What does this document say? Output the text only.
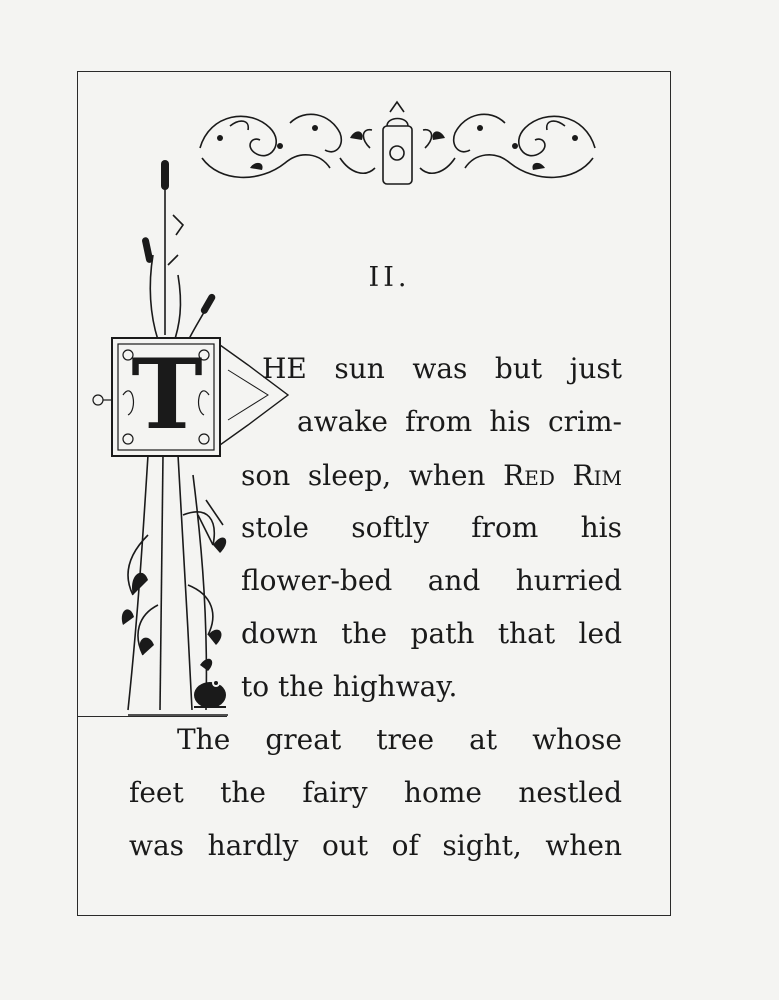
II.
T	HE sun was but just
awake from his crim-
son sleep, when RED RIM
stole softly from his
flower-bed and hurried
down the path that led
to the highway.
The great tree at whose
feet the fairy home nestled
was hardly out of sight, when
